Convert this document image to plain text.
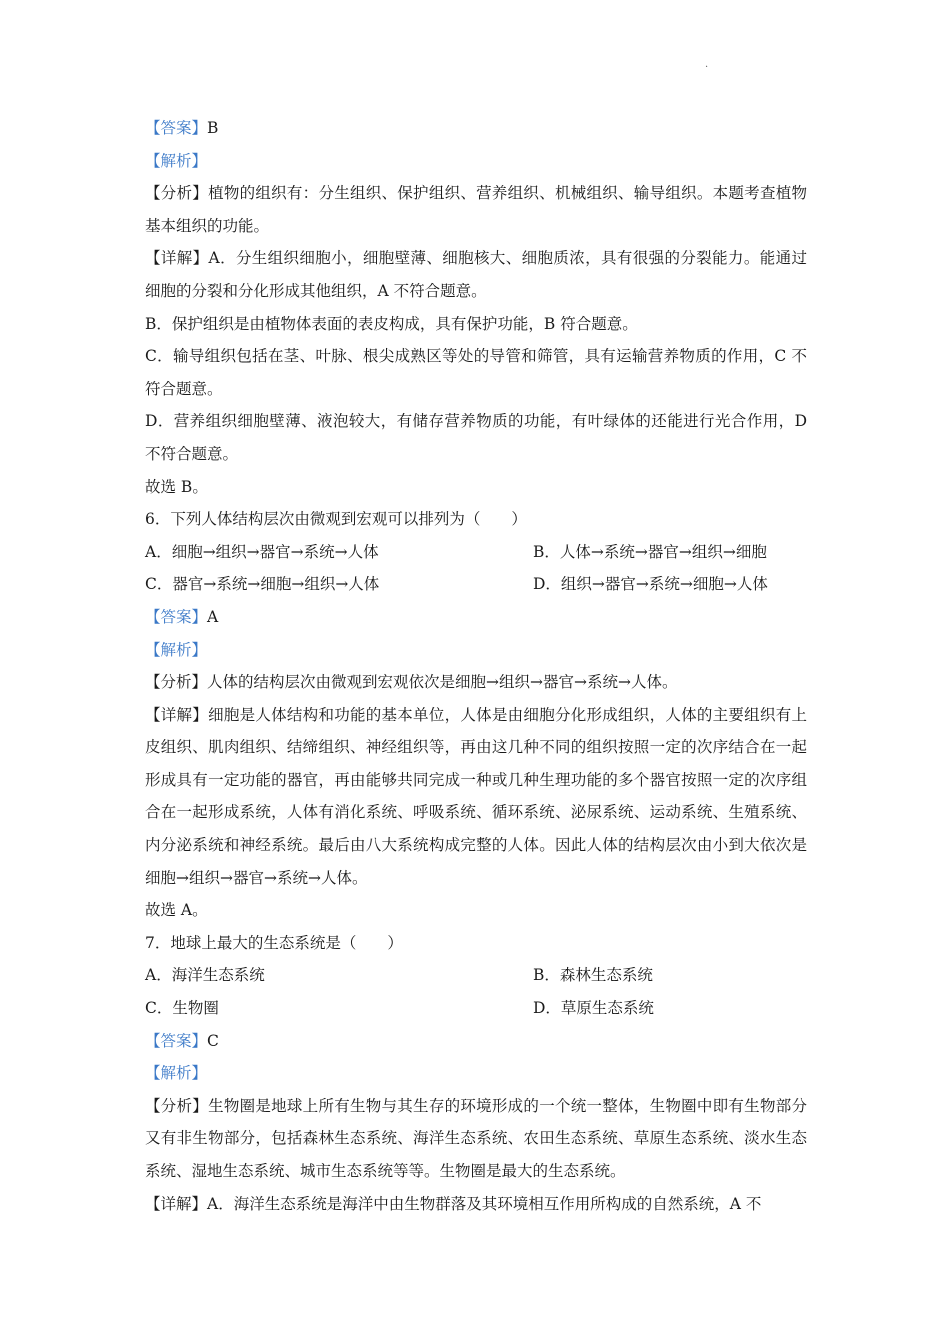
·
【答案】B
【解析】
【分析】植物的组织有：分生组织、保护组织、营养组织、机械组织、输导组织。本题考查植物基本组织的功能。
【详解】A．分生组织细胞小，细胞壁薄、细胞核大、细胞质浓，具有很强的分裂能力。能通过细胞的分裂和分化形成其他组织，A 不符合题意。
B．保护组织是由植物体表面的表皮构成，具有保护功能，B 符合题意。
C．输导组织包括在茎、叶脉、根尖成熟区等处的导管和筛管，具有运输营养物质的作用，C 不符合题意。
D．营养组织细胞壁薄、液泡较大，有储存营养物质的功能，有叶绿体的还能进行光合作用，D 不符合题意。
故选 B。
6．下列人体结构层次由微观到宏观可以排列为（　　）
A．细胞→组织→器官→系统→人体	B．人体→系统→器官→组织→细胞
C．器官→系统→细胞→组织→人体	D．组织→器官→系统→细胞→人体
【答案】A
【解析】
【分析】人体的结构层次由微观到宏观依次是细胞→组织→器官→系统→人体。
【详解】细胞是人体结构和功能的基本单位，人体是由细胞分化形成组织，人体的主要组织有上皮组织、肌肉组织、结缔组织、神经组织等，再由这几种不同的组织按照一定的次序结合在一起形成具有一定功能的器官，再由能够共同完成一种或几种生理功能的多个器官按照一定的次序组合在一起形成系统，人体有消化系统、呼吸系统、循环系统、泌尿系统、运动系统、生殖系统、内分泌系统和神经系统。最后由八大系统构成完整的人体。因此人体的结构层次由小到大依次是细胞→组织→器官→系统→人体。
故选 A。
7．地球上最大的生态系统是（　　）
A．海洋生态系统	B．森林生态系统
C．生物圈	D．草原生态系统
【答案】C
【解析】
【分析】生物圈是地球上所有生物与其生存的环境形成的一个统一整体，生物圈中即有生物部分又有非生物部分，包括森林生态系统、海洋生态系统、农田生态系统、草原生态系统、淡水生态系统、湿地生态系统、城市生态系统等等。生物圈是最大的生态系统。
【详解】A．海洋生态系统是海洋中由生物群落及其环境相互作用所构成的自然系统，A 不
